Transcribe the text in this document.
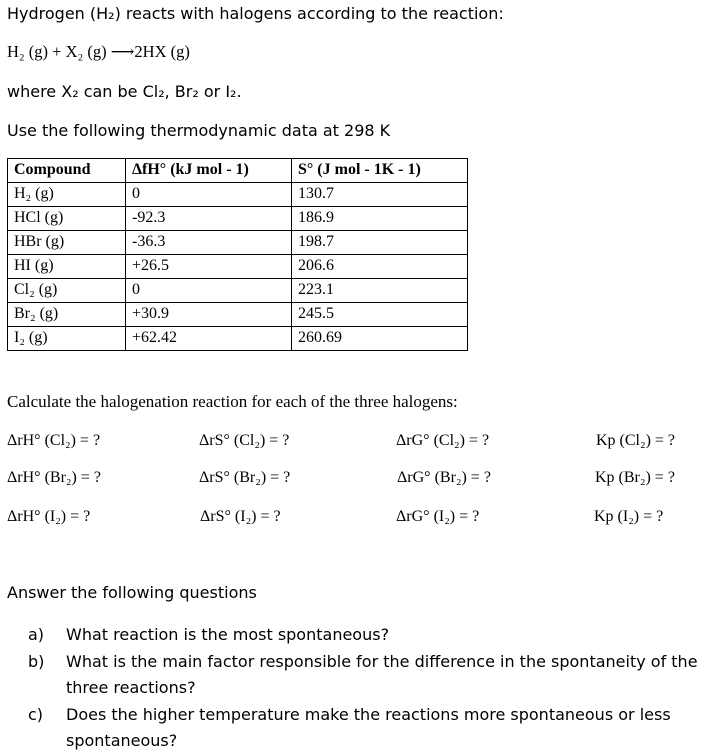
Hydrogen (H₂) reacts with halogens according to the reaction:
H₂ (g) + X₂ (g) ⟶2HX (g)
where X₂ can be Cl₂, Br₂ or I₂.
Use the following thermodynamic data at 298 K
Compound	ΔfH° (kJ mol - 1)	S° (J mol - 1K - 1)
H₂ (g)	0	130.7
HCl (g)	-92.3	186.9
HBr (g)	-36.3	198.7
HI (g)	+26.5	206.6
Cl₂ (g)	0	223.1
Br₂ (g)	+30.9	245.5
I₂ (g)	+62.42	260.69
Calculate the halogenation reaction for each of the three halogens:
ΔrH° (Cl₂) = ?	ΔrS° (Cl₂) = ?	ΔrG° (Cl₂) = ?	Kp (Cl₂) = ?
ΔrH° (Br₂) = ?	ΔrS° (Br₂) = ?	ΔrG° (Br₂) = ?	Kp (Br₂) = ?
ΔrH° (I₂) = ?	ΔrS° (I₂) = ?	ΔrG° (I₂) = ?	Kp (I₂) = ?
Answer the following questions
a) What reaction is the most spontaneous?
b) What is the main factor responsible for the difference in the spontaneity of the three reactions?
c) Does the higher temperature make the reactions more spontaneous or less spontaneous?
